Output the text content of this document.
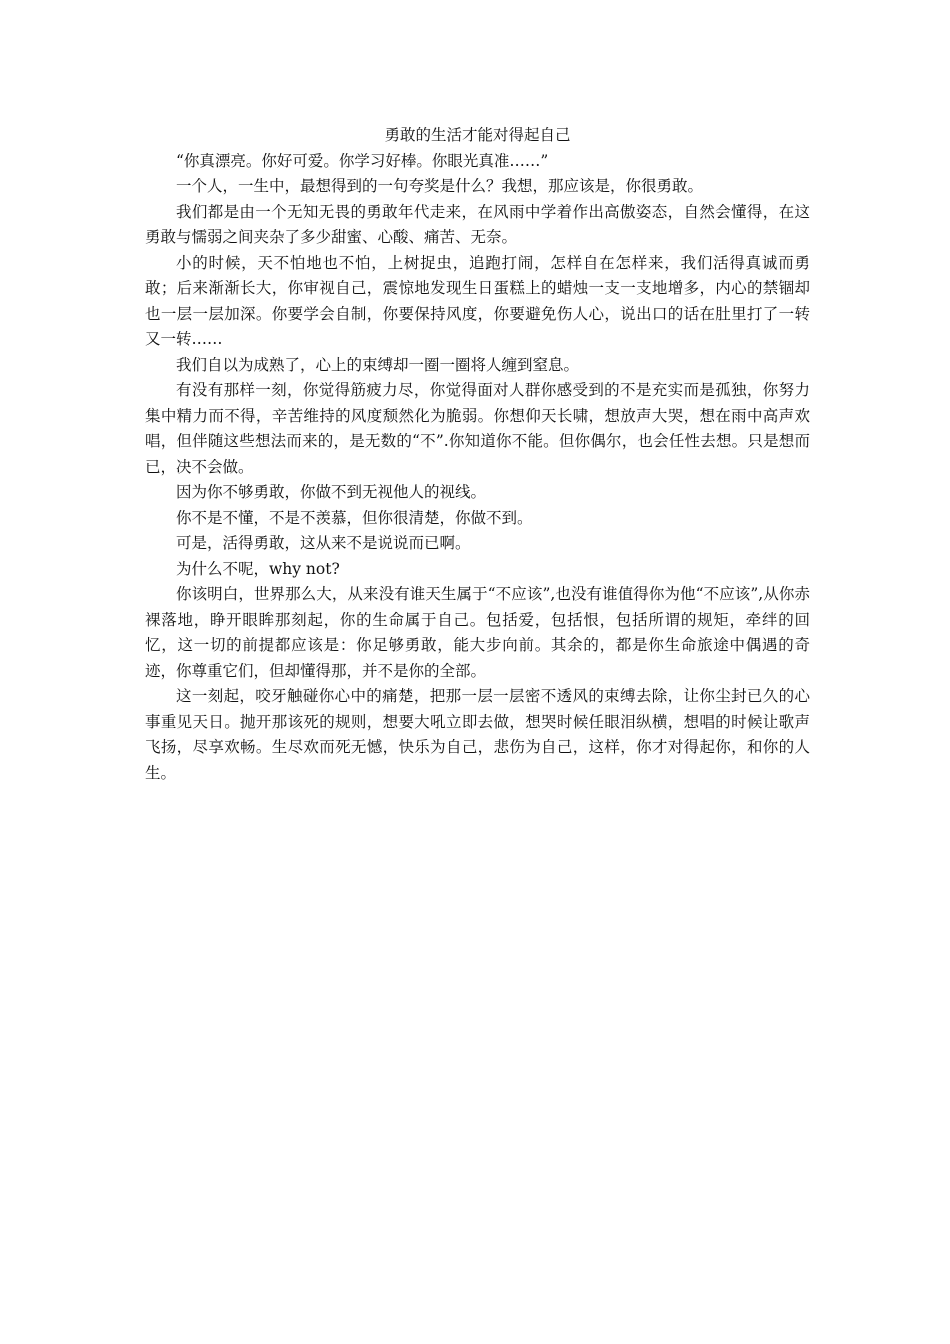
勇敢的生活才能对得起自己

“你真漂亮。你好可爱。你学习好棒。你眼光真准……”

一个人，一生中，最想得到的一句夸奖是什么？我想，那应该是，你很勇敢。

我们都是由一个无知无畏的勇敢年代走来，在风雨中学着作出高傲姿态，自然会懂得，在这勇敢与懦弱之间夹杂了多少甜蜜、心酸、痛苦、无奈。

小的时候，天不怕地也不怕，上树捉虫，追跑打闹，怎样自在怎样来，我们活得真诚而勇敢；后来渐渐长大，你审视自己，震惊地发现生日蛋糕上的蜡烛一支一支地增多，内心的禁锢却也一层一层加深。你要学会自制，你要保持风度，你要避免伤人心，说出口的话在肚里打了一转又一转……

我们自以为成熟了，心上的束缚却一圈一圈将人缠到窒息。

有没有那样一刻，你觉得筋疲力尽，你觉得面对人群你感受到的不是充实而是孤独，你努力集中精力而不得，辛苦维持的风度颓然化为脆弱。你想仰天长啸，想放声大哭，想在雨中高声欢唱，但伴随这些想法而来的，是无数的“不”.你知道你不能。但你偶尔，也会任性去想。只是想而已，决不会做。

因为你不够勇敢，你做不到无视他人的视线。

你不是不懂，不是不羡慕，但你很清楚，你做不到。

可是，活得勇敢，这从来不是说说而已啊。

为什么不呢，why not?

你该明白，世界那么大，从来没有谁天生属于“不应该”,也没有谁值得你为他“不应该”,从你赤裸落地，睁开眼眸那刻起，你的生命属于自己。包括爱，包括恨，包括所谓的规矩，牵绊的回忆，这一切的前提都应该是：你足够勇敢，能大步向前。其余的，都是你生命旅途中偶遇的奇迹，你尊重它们，但却懂得那，并不是你的全部。

这一刻起，咬牙触碰你心中的痛楚，把那一层一层密不透风的束缚去除，让你尘封已久的心事重见天日。抛开那该死的规则，想要大吼立即去做，想哭时候任眼泪纵横，想唱的时候让歌声飞扬，尽享欢畅。生尽欢而死无憾，快乐为自己，悲伤为自己，这样，你才对得起你，和你的人生。
